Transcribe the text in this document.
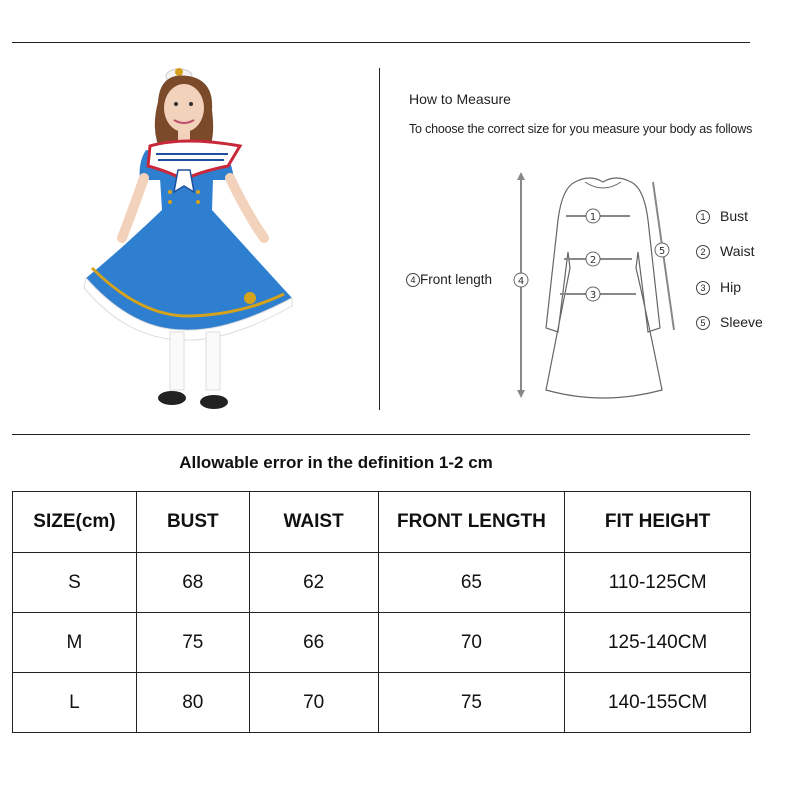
How to Measure
To choose the correct size for you measure your body as follows
4
5
1
2
3
4 Front length
1 Bust
2 Waist
3 Hip
5 Sleeve
Allowable error in the definition 1-2 cm
SIZE(cm)	BUST	WAIST	FRONT LENGTH	FIT HEIGHT
S	68	62	65	110-125CM
M	75	66	70	125-140CM
L	80	70	75	140-155CM
